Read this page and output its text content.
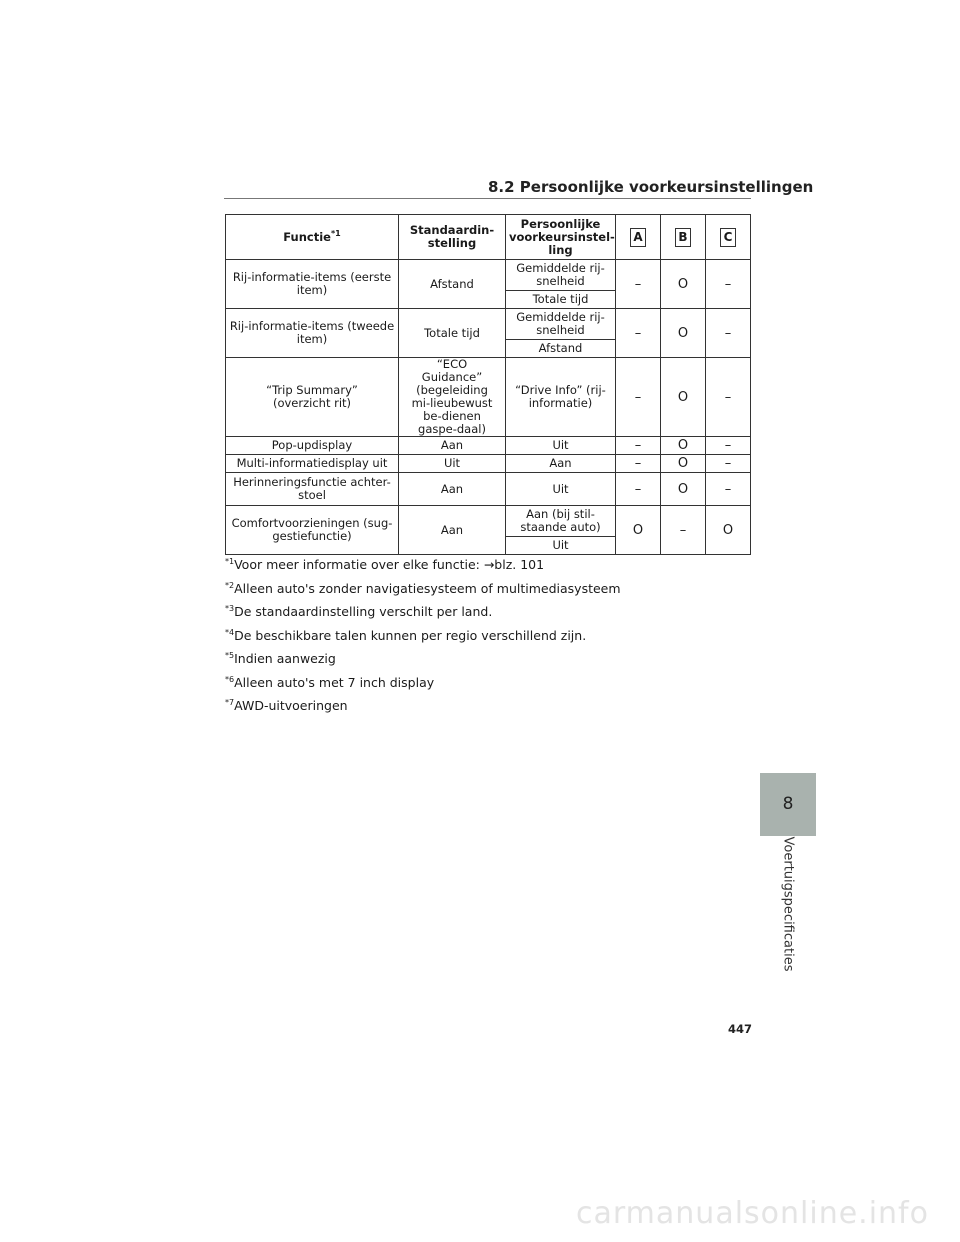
8.2 Persoonlijke voorkeursinstellingen
Functie$^{*1}$	Standaardin-stelling	Persoonlijke voorkeursinstel-ling	A	B	C
Rij-informatie-items (eerste item)	Afstand	Gemiddelde rij-snelheid	–	O	–
		Totale tijd			
Rij-informatie-items (tweede item)	Totale tijd	Gemiddelde rij-snelheid	–	O	–
		Afstand			
“Trip Summary” (overzicht rit)	“ECO Guidance” (begeleiding mi-lieubewust be-dienen gaspe-daal)	“Drive Info” (rij-informatie)	–	O	–
Pop-updisplay	Aan	Uit	–	O	–
Multi-informatiedisplay uit	Uit	Aan	–	O	–
Herinneringsfunctie achter-stoel	Aan	Uit	–	O	–
Comfortvoorzieningen (sug-gestiefunctie)	Aan	Aan (bij stil-staande auto)	O	–	O
		Uit			
$^{*1}$Voor meer informatie over elke functie: →blz. 101
$^{*2}$Alleen auto's zonder navigatiesysteem of multimediasysteem
$^{*3}$De standaardinstelling verschilt per land.
$^{*4}$De beschikbare talen kunnen per regio verschillend zijn.
$^{*5}$Indien aanwezig
$^{*6}$Alleen auto's met 7 inch display
$^{*7}$AWD-uitvoeringen
8
Voertuigspecificaties
447
carmanualsonline.info
